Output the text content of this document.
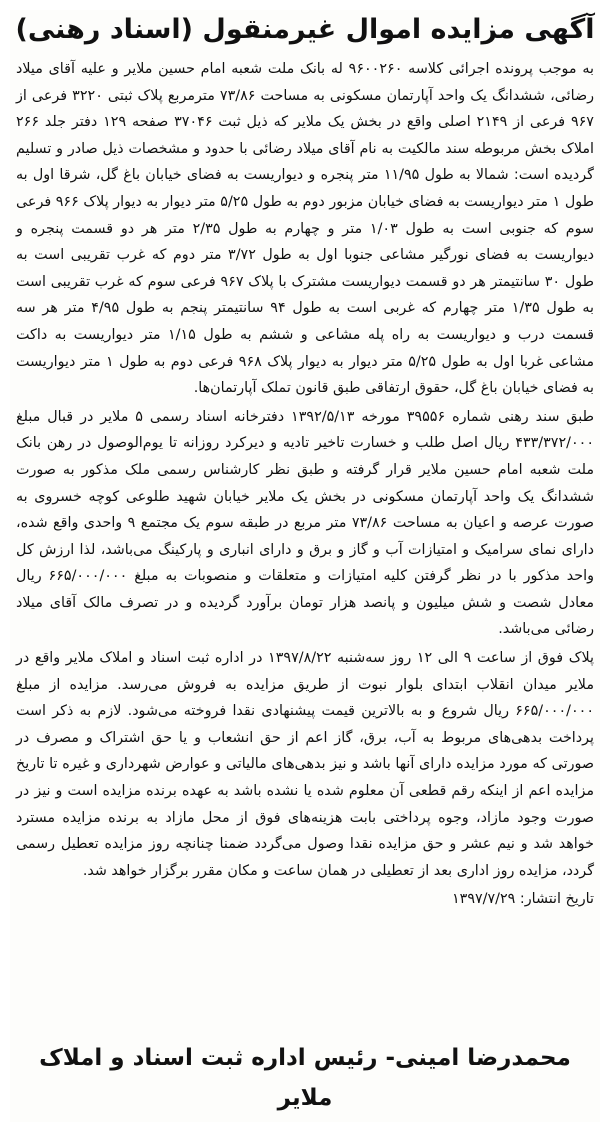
آگهی مزایده اموال غیرمنقول (اسناد رهنی)

به موجب پرونده اجرائی کلاسه ۹۶۰۰۲۶۰ له بانک ملت شعبه امام حسین ملایر و علیه آقای میلاد رضائی، ششدانگ یک واحد آپارتمان مسکونی به مساحت ۷۳/۸۶ مترمربع پلاک ثبتی ۳۲۲۰ فرعی از ۹۶۷ فرعی از ۲۱۴۹ اصلی واقع در بخش یک ملایر که ذیل ثبت ۳۷۰۴۶ صفحه ۱۲۹ دفتر جلد ۲۶۶ املاک بخش مربوطه سند مالکیت به نام آقای میلاد رضائی با حدود و مشخصات ذیل صادر و تسلیم گردیده است: شمالا به طول ۱۱/۹۵ متر پنجره و دیواریست به فضای خیابان باغ گل، شرقا اول به طول ۱ متر دیواریست به فضای خیابان مزبور دوم به طول ۵/۲۵ متر دیوار به دیوار پلاک ۹۶۶ فرعی سوم که جنوبی است به طول ۱/۰۳ متر و چهارم به طول ۲/۳۵ متر هر دو قسمت پنجره و دیواریست به فضای نورگیر مشاعی جنوبا اول به طول ۳/۷۲ متر دوم که غرب تقریبی است به طول ۳۰ سانتیمتر هر دو قسمت دیواریست مشترک با پلاک ۹۶۷ فرعی سوم که غرب تقریبی است به طول ۱/۳۵ متر چهارم که غربی است به طول ۹۴ سانتیمتر پنجم به طول ۴/۹۵ متر هر سه قسمت درب و دیواریست به راه پله مشاعی و ششم به طول ۱/۱۵ متر دیواریست به داکت مشاعی غربا اول به طول ۵/۲۵ متر دیوار به دیوار پلاک ۹۶۸ فرعی دوم به طول ۱ متر دیواریست به فضای خیابان باغ گل، حقوق ارتفاقی طبق قانون تملک آپارتمان‌ها.

طبق سند رهنی شماره ۳۹۵۵۶ مورخه ۱۳۹۲/۵/۱۳ دفترخانه اسناد رسمی ۵ ملایر در قبال مبلغ ۴۳۳/۳۷۲/۰۰۰ ریال اصل طلب و خسارت تاخیر تادیه و دیرکرد روزانه تا یوم‌الوصول در رهن بانک ملت شعبه امام حسین ملایر قرار گرفته و طبق نظر کارشناس رسمی ملک مذکور به صورت ششدانگ یک واحد آپارتمان مسکونی در بخش یک ملایر خیابان شهید طلوعی کوچه خسروی به صورت عرصه و اعیان به مساحت ۷۳/۸۶ متر مربع در طبقه سوم یک مجتمع ۹ واحدی واقع شده، دارای نمای سرامیک و امتیازات آب و گاز و برق و دارای انباری و پارکینگ می‌باشد، لذا ارزش کل واحد مذکور با در نظر گرفتن کلیه امتیازات و متعلقات و منصوبات به مبلغ ۶۶۵/۰۰۰/۰۰۰ ریال معادل شصت و شش میلیون و پانصد هزار تومان برآورد گردیده و در تصرف مالک آقای میلاد رضائی می‌باشد.

پلاک فوق از ساعت ۹ الی ۱۲ روز سه‌شنبه ۱۳۹۷/۸/۲۲ در اداره ثبت اسناد و املاک ملایر واقع در ملایر میدان انقلاب ابتدای بلوار نبوت از طریق مزایده به فروش می‌رسد. مزایده از مبلغ ۶۶۵/۰۰۰/۰۰۰ ریال شروع و به بالاترین قیمت پیشنهادی نقدا فروخته می‌شود. لازم به ذکر است پرداخت بدهی‌های مربوط به آب، برق، گاز اعم از حق انشعاب و یا حق اشتراک و مصرف در صورتی که مورد مزایده دارای آنها باشد و نیز بدهی‌های مالیاتی و عوارض شهرداری و غیره تا تاریخ مزایده اعم از اینکه رقم قطعی آن معلوم شده یا نشده باشد به عهده برنده مزایده است و نیز در صورت وجود مازاد، وجوه پرداختی بابت هزینه‌های فوق از محل مازاد به برنده مزایده مسترد خواهد شد و نیم عشر و حق مزایده نقدا وصول می‌گردد ضمنا چنانچه روز مزایده تعطیل رسمی گردد، مزایده روز اداری بعد از تعطیلی در همان ساعت و مکان مقرر برگزار خواهد شد.

تاریخ انتشار: ۱۳۹۷/۷/۲۹
محمدرضا امینی- رئیس اداره ثبت اسناد و املاک ملایر
